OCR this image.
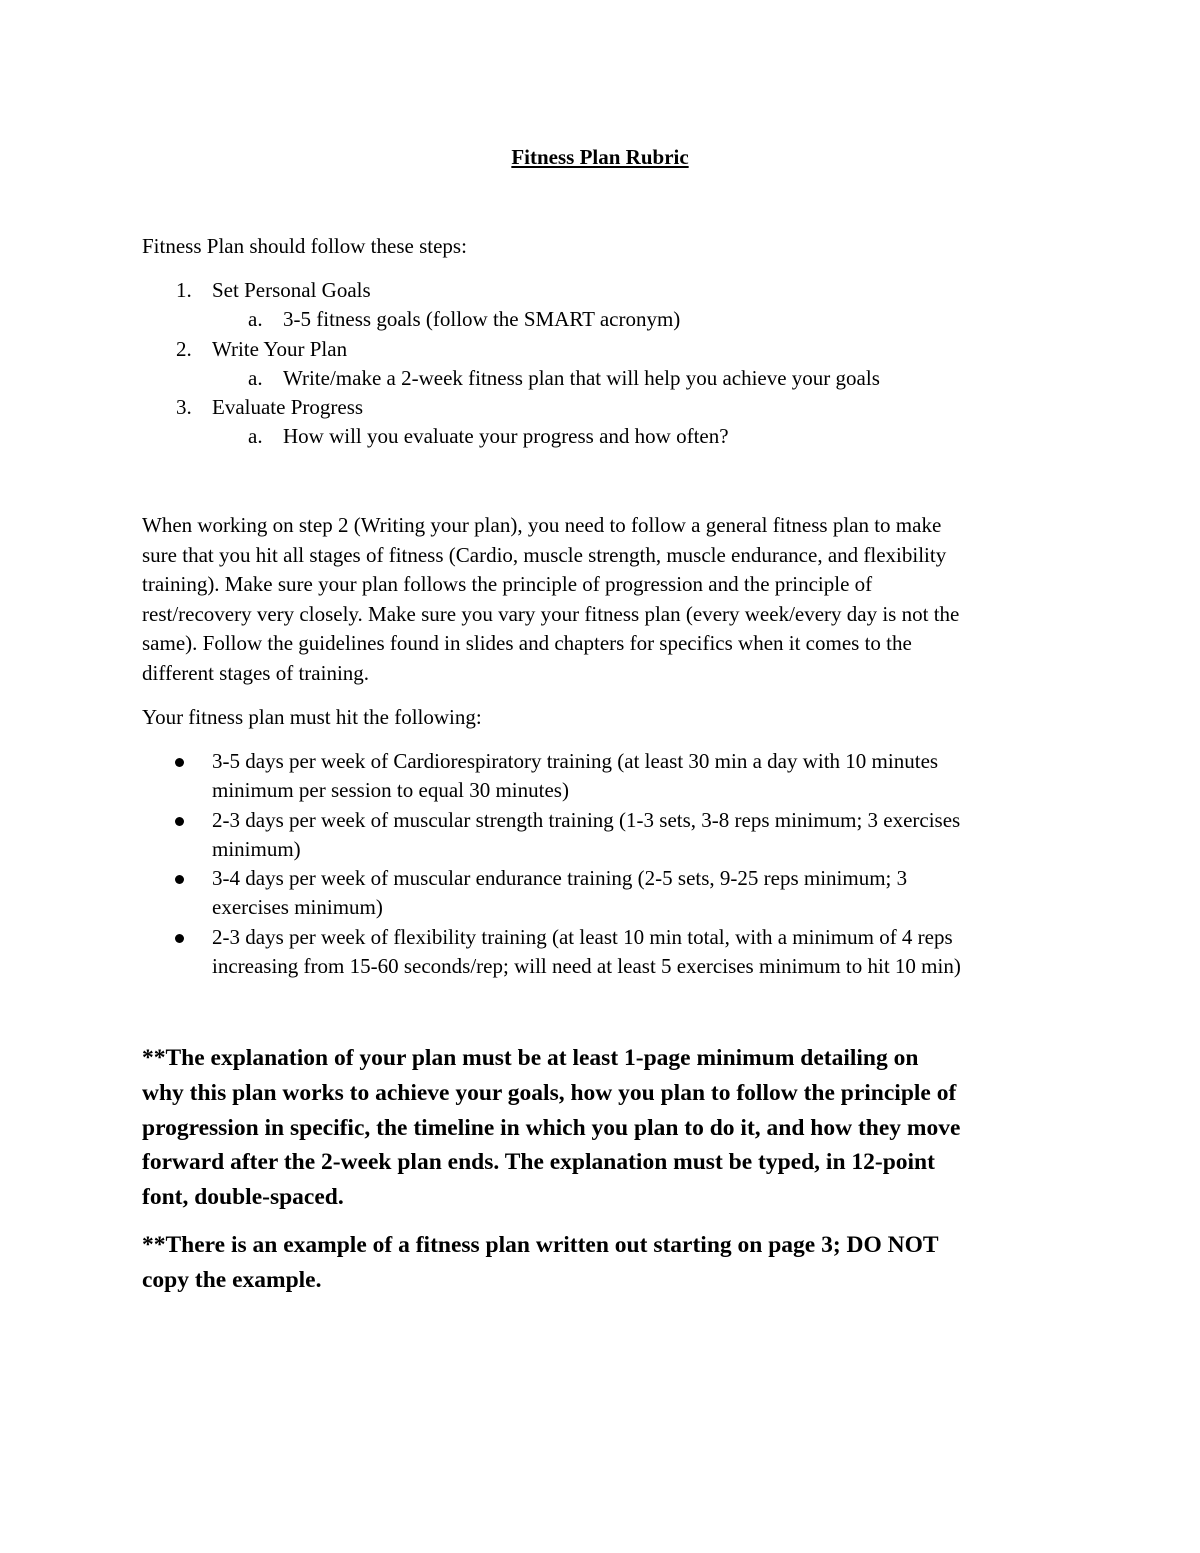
Fitness Plan Rubric
Fitness Plan should follow these steps:
1. Set Personal Goals
a. 3-5 fitness goals (follow the SMART acronym)
2. Write Your Plan
a. Write/make a 2-week fitness plan that will help you achieve your goals
3. Evaluate Progress
a. How will you evaluate your progress and how often?
When working on step 2 (Writing your plan), you need to follow a general fitness plan to make
sure that you hit all stages of fitness (Cardio, muscle strength, muscle endurance, and flexibility
training). Make sure your plan follows the principle of progression and the principle of
rest/recovery very closely. Make sure you vary your fitness plan (every week/every day is not the
same). Follow the guidelines found in slides and chapters for specifics when it comes to the
different stages of training.
Your fitness plan must hit the following:
3-5 days per week of Cardiorespiratory training (at least 30 min a day with 10 minutes
minimum per session to equal 30 minutes)
2-3 days per week of muscular strength training (1-3 sets, 3-8 reps minimum; 3 exercises
minimum)
3-4 days per week of muscular endurance training (2-5 sets, 9-25 reps minimum; 3
exercises minimum)
2-3 days per week of flexibility training (at least 10 min total, with a minimum of 4 reps
increasing from 15-60 seconds/rep; will need at least 5 exercises minimum to hit 10 min)
**The explanation of your plan must be at least 1-page minimum detailing on
why this plan works to achieve your goals, how you plan to follow the principle of
progression in specific, the timeline in which you plan to do it, and how they move
forward after the 2-week plan ends. The explanation must be typed, in 12-point
font, double-spaced.
**There is an example of a fitness plan written out starting on page 3; DO NOT
copy the example.
